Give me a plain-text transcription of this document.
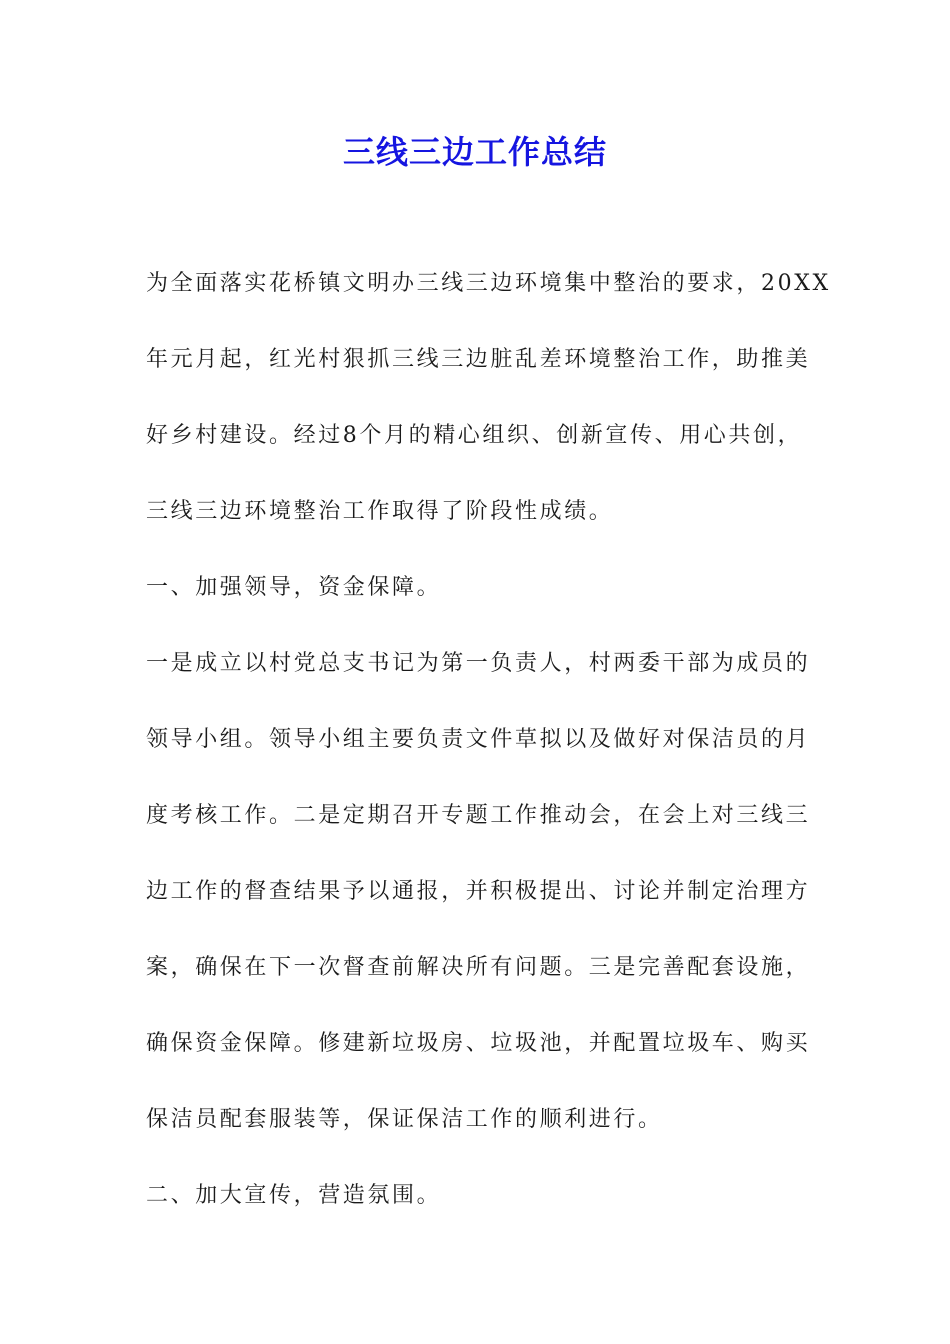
三线三边工作总结
为全面落实花桥镇文明办三线三边环境集中整治的要求，20XX
年元月起，红光村狠抓三线三边脏乱差环境整治工作，助推美
好乡村建设。经过8个月的精心组织、创新宣传、用心共创，
三线三边环境整治工作取得了阶段性成绩。
一、加强领导，资金保障。
一是成立以村党总支书记为第一负责人，村两委干部为成员的
领导小组。领导小组主要负责文件草拟以及做好对保洁员的月
度考核工作。二是定期召开专题工作推动会，在会上对三线三
边工作的督查结果予以通报，并积极提出、讨论并制定治理方
案，确保在下一次督查前解决所有问题。三是完善配套设施，
确保资金保障。修建新垃圾房、垃圾池，并配置垃圾车、购买
保洁员配套服装等，保证保洁工作的顺利进行。
二、加大宣传，营造氛围。
